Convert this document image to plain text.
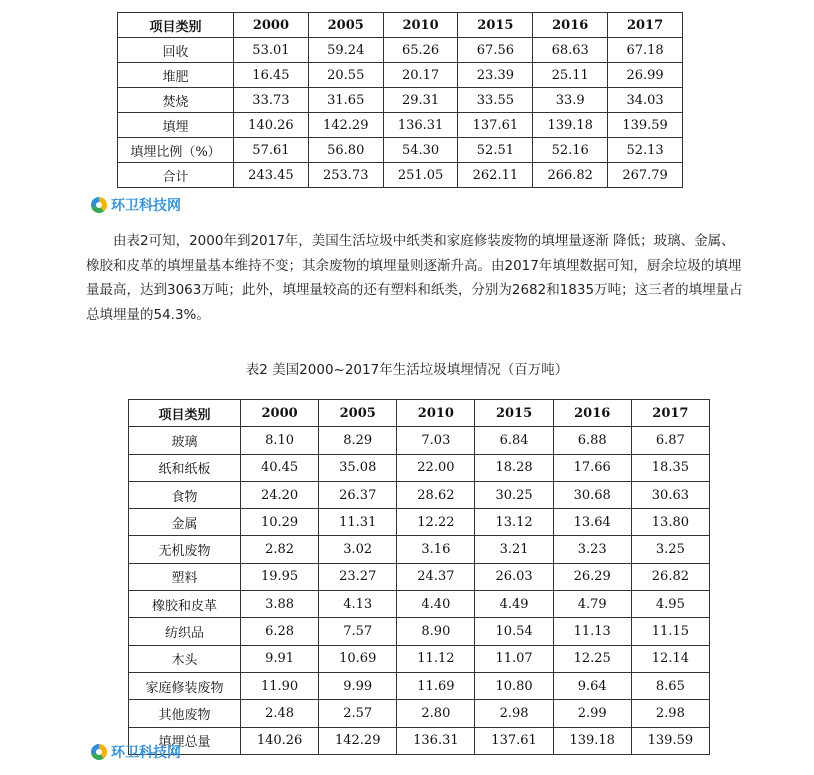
项目类别	2000	2005	2010	2015	2016	2017
回收	53.01	59.24	65.26	67.56	68.63	67.18
堆肥	16.45	20.55	20.17	23.39	25.11	26.99
焚烧	33.73	31.65	29.31	33.55	33.9	34.03
填埋	140.26	142.29	136.31	137.61	139.18	139.59
填埋比例（%）	57.61	56.80	54.30	52.51	52.16	52.13
合计	243.45	253.73	251.05	262.11	266.82	267.79
环卫科技网

由表2可知，2000年到2017年，美国生活垃圾中纸类和家庭修装废物的填埋量逐渐 降低；玻璃、金属、橡胶和皮革的填埋量基本维持不变；其余废物的填埋量则逐渐升高。由2017年填埋数据可知，厨余垃圾的填埋量最高，达到3063万吨；此外，填埋量较高的还有塑料和纸类，分别为2682和1835万吨；这三者的填埋量占总填埋量的54.3%。

表2 美国2000~2017年生活垃圾填埋情况（百万吨）
项目类别	2000	2005	2010	2015	2016	2017
玻璃	8.10	8.29	7.03	6.84	6.88	6.87
纸和纸板	40.45	35.08	22.00	18.28	17.66	18.35
食物	24.20	26.37	28.62	30.25	30.68	30.63
金属	10.29	11.31	12.22	13.12	13.64	13.80
无机废物	2.82	3.02	3.16	3.21	3.23	3.25
塑料	19.95	23.27	24.37	26.03	26.29	26.82
橡胶和皮革	3.88	4.13	4.40	4.49	4.79	4.95
纺织品	6.28	7.57	8.90	10.54	11.13	11.15
木头	9.91	10.69	11.12	11.07	12.25	12.14
家庭修装废物	11.90	9.99	11.69	10.80	9.64	8.65
其他废物	2.48	2.57	2.80	2.98	2.99	2.98
填埋总量	140.26	142.29	136.31	137.61	139.18	139.59
环卫科技网
